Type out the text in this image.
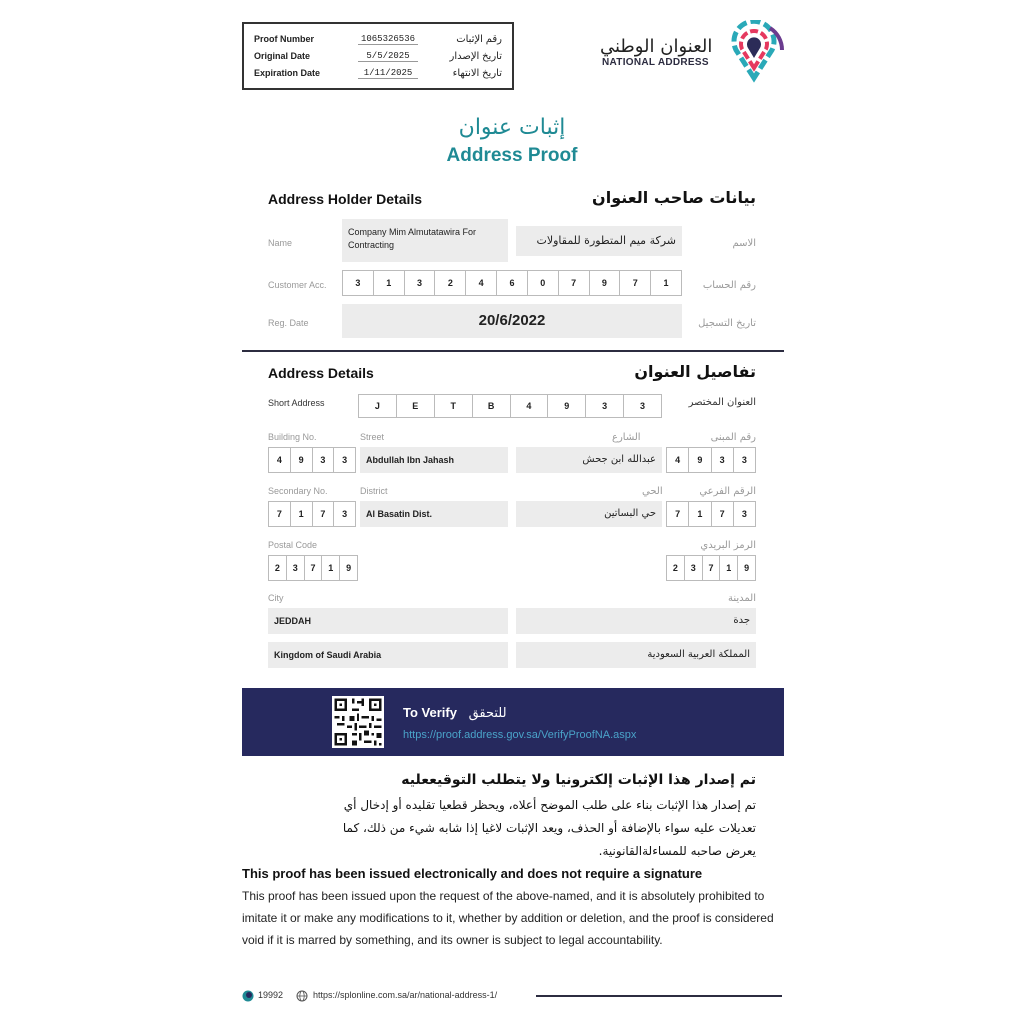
Proof Number	1065326536	رقم الإثبات
Original Date	5/5/2025	تاريخ الإصدار
Expiration Date	1/11/2025	تاريخ الانتهاء
العنوان الوطني
NATIONAL ADDRESS
إثبات عنوان
Address Proof
Address Holder Details	بيانات صاحب العنوان
Name
Company Mim Almutatawira For Contracting	شركة ميم المتطورة للمقاولات	الاسم
Customer Acc.	3	1	3	2	4	6	0	7	9	7	1	رقم الحساب
Reg. Date	20/6/2022	تاريخ التسجيل
Address Details	تفاصيل العنوان
Short Address	J	E	T	B	4	9	3	3	العنوان المختصر
Building No.	Street	الشارع	رقم المبنى
4	9	3	3	Abdullah Ibn Jahash	عبدالله ابن جحش	4	9	3	3
Secondary No.	District	الحي	الرقم الفرعي
7	1	7	3	Al Basatin Dist.	حي البساتين	7	1	7	3
Postal Code	الرمز البريدي
2	3	7	1	9	2	3	7	1	9
City	المدينة
JEDDAH	جدة
Kingdom of Saudi Arabia	المملكة العربية السعودية
To Verify للتحقق
https://proof.address.gov.sa/VerifyProofNA.aspx
تم إصدار هذا الإثبات إلكترونيا ولا يتطلب التوقيععليه
تم إصدار هذا الإثبات بناء على طلب الموضح أعلاه، ويحظر قطعيا تقليده أو إدخال أي
تعديلات عليه سواء بالإضافة أو الحذف، ويعد الإثبات لاغيا إذا شابه شيء من ذلك، كما
يعرض صاحبه للمساءلةالقانونية.
This proof has been issued electronically and does not require a signature
This proof has been issued upon the request of the above-named, and it is absolutely prohibited to imitate it or make any modifications to it, whether by addition or deletion, and the proof is considered void if it is marred by something, and its owner is subject to legal accountability.
19992	https://splonline.com.sa/ar/national-address-1/
